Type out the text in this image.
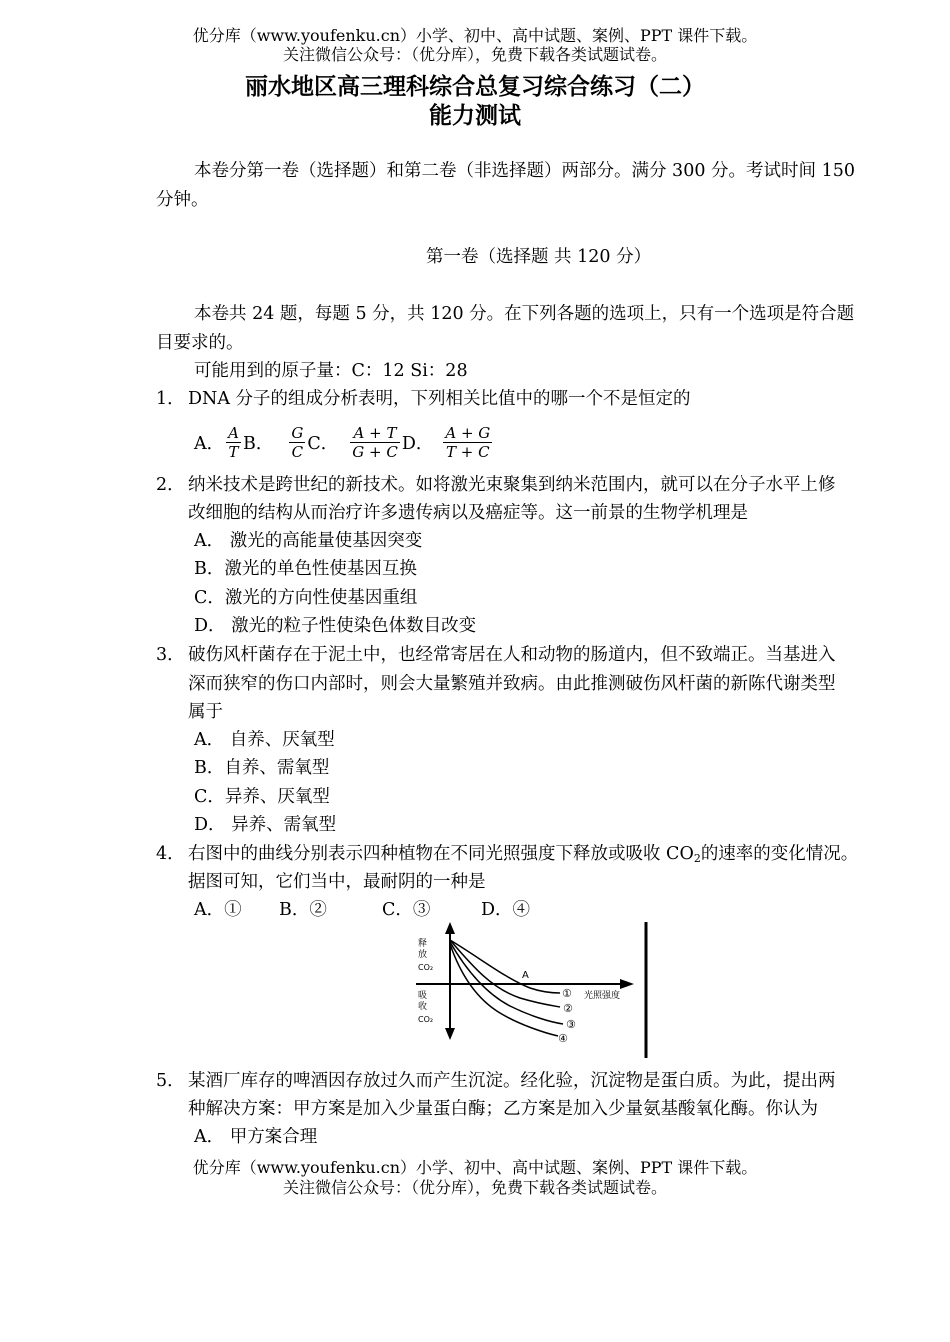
优分库（www.youfenku.cn）小学、初中、高中试题、案例、PPT 课件下载。
关注微信公众号：（优分库），免费下载各类试题试卷。
丽水地区高三理科综合总复习综合练习（二）
能力测试
本卷分第一卷（选择题）和第二卷（非选择题）两部分。满分 300 分。考试时间 150
分钟。
第一卷（选择题 共 120 分）
本卷共 24 题，每题 5 分，共 120 分。在下列各题的选项上，只有一个选项是符合题
目要求的。
可能用到的原子量：C：12 Si：28
1． DNA 分子的组成分析表明，下列相关比值中的哪一个不是恒定的
A． $\frac{A}{T}$ B． $\frac{G}{C}$ C． $\frac{A + T}{G + C}$ D． $\frac{A + G}{T + C}$
2． 纳米技术是跨世纪的新技术。如将激光束聚集到纳米范围内，就可以在分子水平上修
改细胞的结构从而治疗许多遗传病以及癌症等。这一前景的生物学机理是
A． 激光的高能量使基因突变
B．激光的单色性使基因互换
C．激光的方向性使基因重组
D． 激光的粒子性使染色体数目改变
3． 破伤风杆菌存在于泥土中，也经常寄居在人和动物的肠道内，但不致端正。当基进入
深而狭窄的伤口内部时，则会大量繁殖并致病。由此推测破伤风杆菌的新陈代谢类型
属于
A． 自养、厌氧型
B．自养、需氧型
C．异养、厌氧型
D． 异养、需氧型
4． 右图中的曲线分别表示四种植物在不同光照强度下释放或吸收 $CO_2$的速率的变化情况。
据图可知，它们当中，最耐阴的一种是
A．① B．②	C．③	D．④
释
放
CO₂
吸
收
CO₂
A
① 光照强度
②
③
④
5． 某酒厂库存的啤酒因存放过久而产生沉淀。经化验，沉淀物是蛋白质。为此，提出两
种解决方案：甲方案是加入少量蛋白酶；乙方案是加入少量氨基酸氧化酶。你认为
A． 甲方案合理
优分库（www.youfenku.cn）小学、初中、高中试题、案例、PPT 课件下载。
关注微信公众号：（优分库），免费下载各类试题试卷。
